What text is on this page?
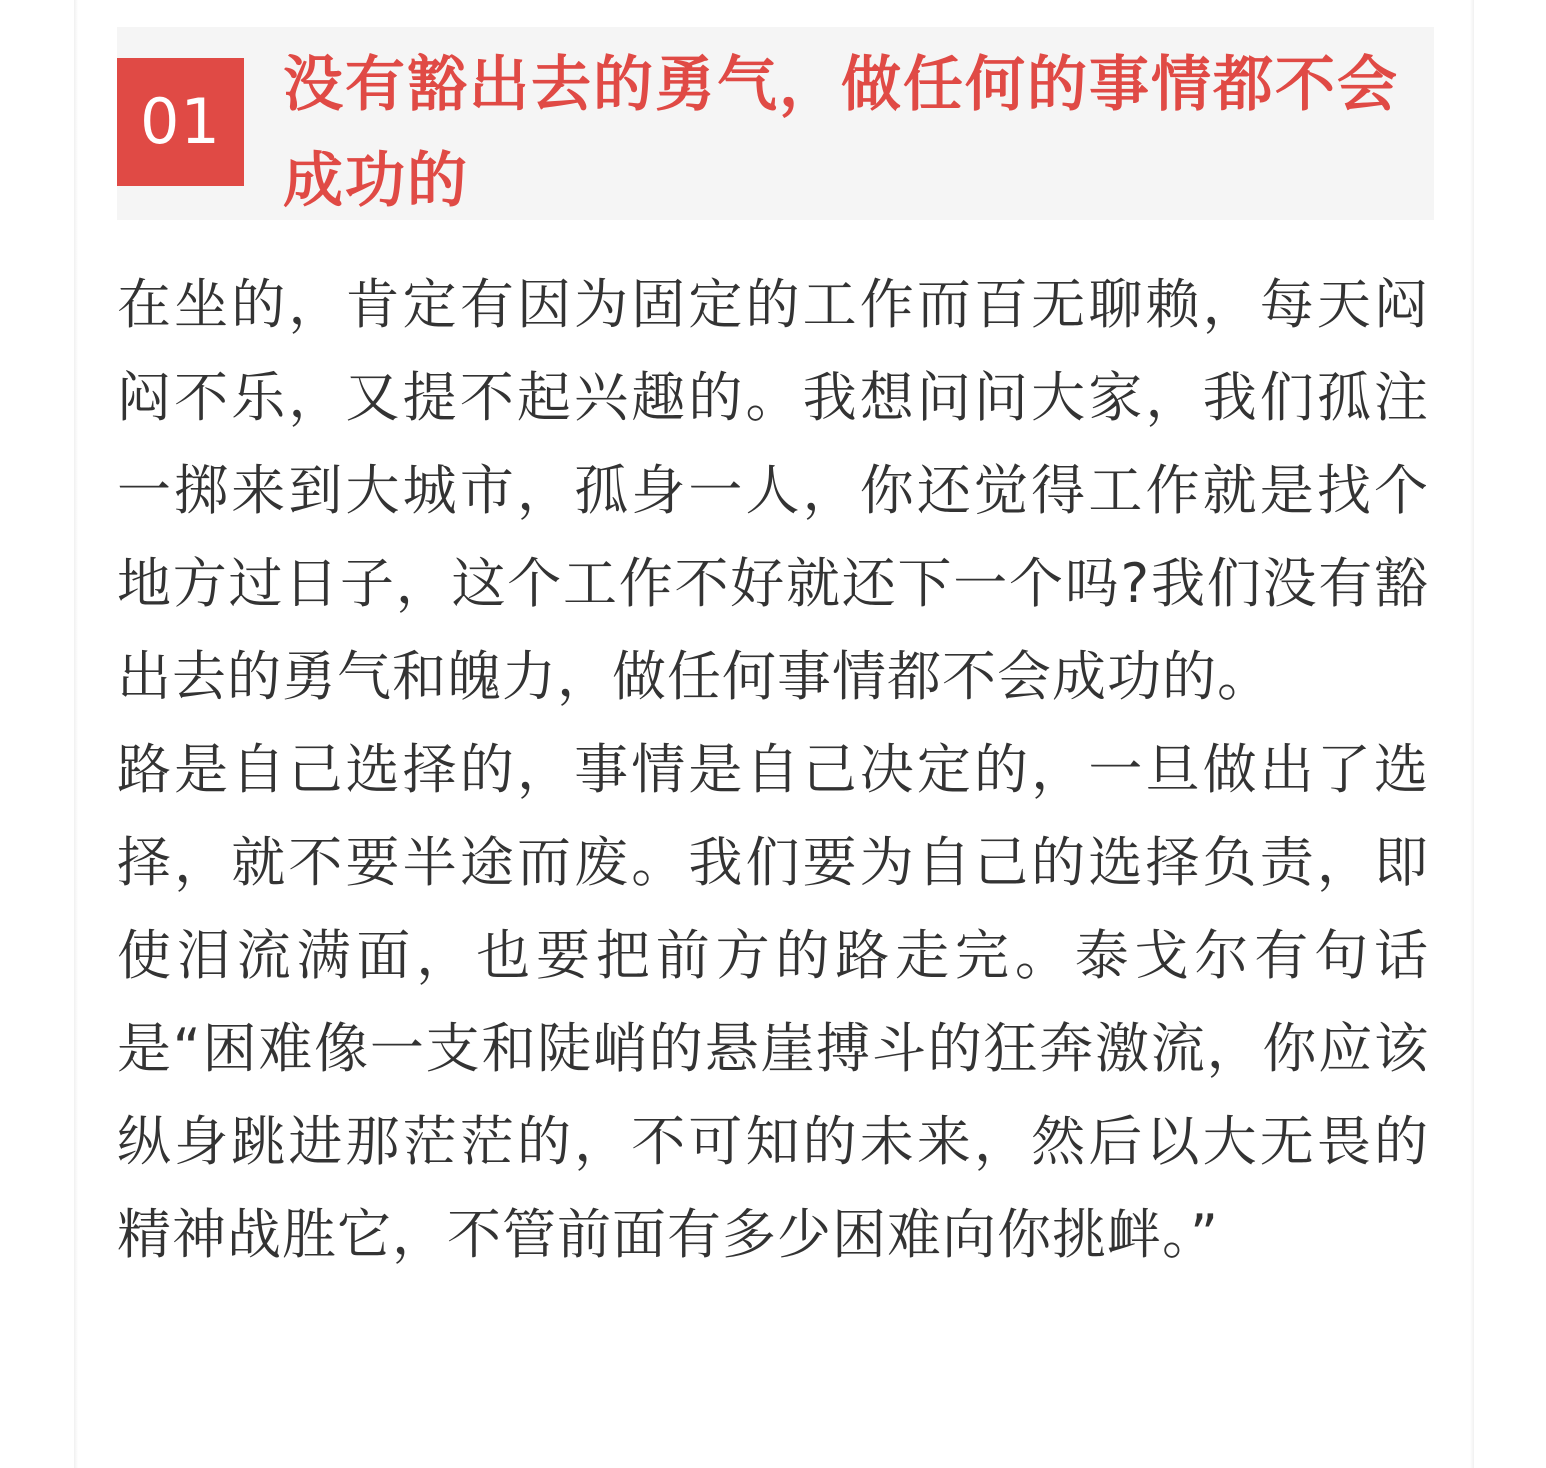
01	没有豁出去的勇气，做任何的事情都不会成功的

在坐的，肯定有因为固定的工作而百无聊赖，每天闷闷不乐，又提不起兴趣的。我想问问大家，我们孤注一掷来到大城市，孤身一人，你还觉得工作就是找个地方过日子，这个工作不好就还下一个吗?我们没有豁出去的勇气和魄力，做任何事情都不会成功的。

路是自己选择的，事情是自己决定的，一旦做出了选择，就不要半途而废。我们要为自己的选择负责，即使泪流满面，也要把前方的路走完。泰戈尔有句话是“困难像一支和陡峭的悬崖搏斗的狂奔激流，你应该纵身跳进那茫茫的，不可知的未来，然后以大无畏的精神战胜它，不管前面有多少困难向你挑衅。”
